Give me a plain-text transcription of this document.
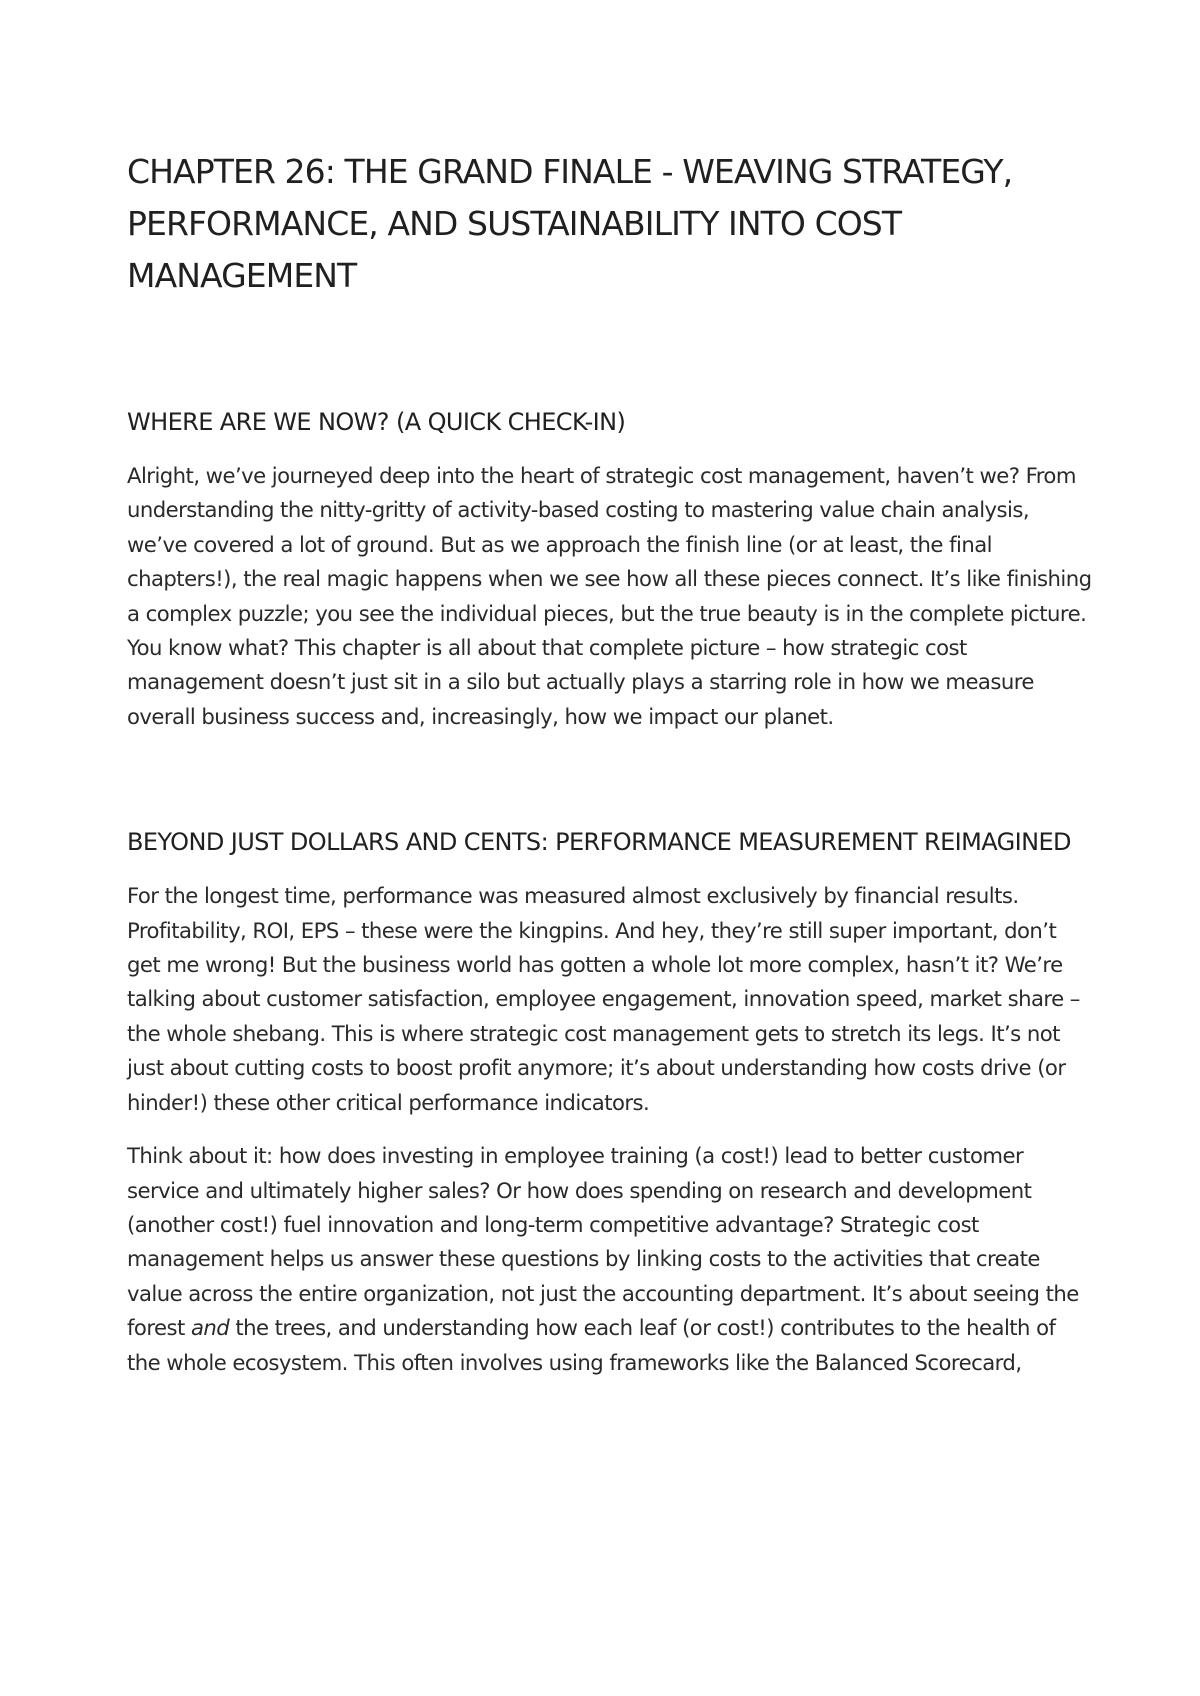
CHAPTER 26: THE GRAND FINALE - WEAVING STRATEGY, PERFORMANCE, AND SUSTAINABILITY INTO COST MANAGEMENT
WHERE ARE WE NOW? (A QUICK CHECK-IN)

Alright, we’ve journeyed deep into the heart of strategic cost management, haven’t we? From understanding the nitty-gritty of activity-based costing to mastering value chain analysis, we’ve covered a lot of ground. But as we approach the finish line (or at least, the final chapters!), the real magic happens when we see how all these pieces connect. It’s like finishing a complex puzzle; you see the individual pieces, but the true beauty is in the complete picture. You know what? This chapter is all about that complete picture – how strategic cost management doesn’t just sit in a silo but actually plays a starring role in how we measure overall business success and, increasingly, how we impact our planet.

BEYOND JUST DOLLARS AND CENTS: PERFORMANCE MEASUREMENT REIMAGINED

For the longest time, performance was measured almost exclusively by financial results. Profitability, ROI, EPS – these were the kingpins. And hey, they’re still super important, don’t get me wrong! But the business world has gotten a whole lot more complex, hasn’t it? We’re talking about customer satisfaction, employee engagement, innovation speed, market share – the whole shebang. This is where strategic cost management gets to stretch its legs. It’s not just about cutting costs to boost profit anymore; it’s about understanding how costs drive (or hinder!) these other critical performance indicators.

Think about it: how does investing in employee training (a cost!) lead to better customer service and ultimately higher sales? Or how does spending on research and development (another cost!) fuel innovation and long-term competitive advantage? Strategic cost management helps us answer these questions by linking costs to the activities that create value across the entire organization, not just the accounting department. It’s about seeing the forest and the trees, and understanding how each leaf (or cost!) contributes to the health of the whole ecosystem. This often involves using frameworks like the Balanced Scorecard,
